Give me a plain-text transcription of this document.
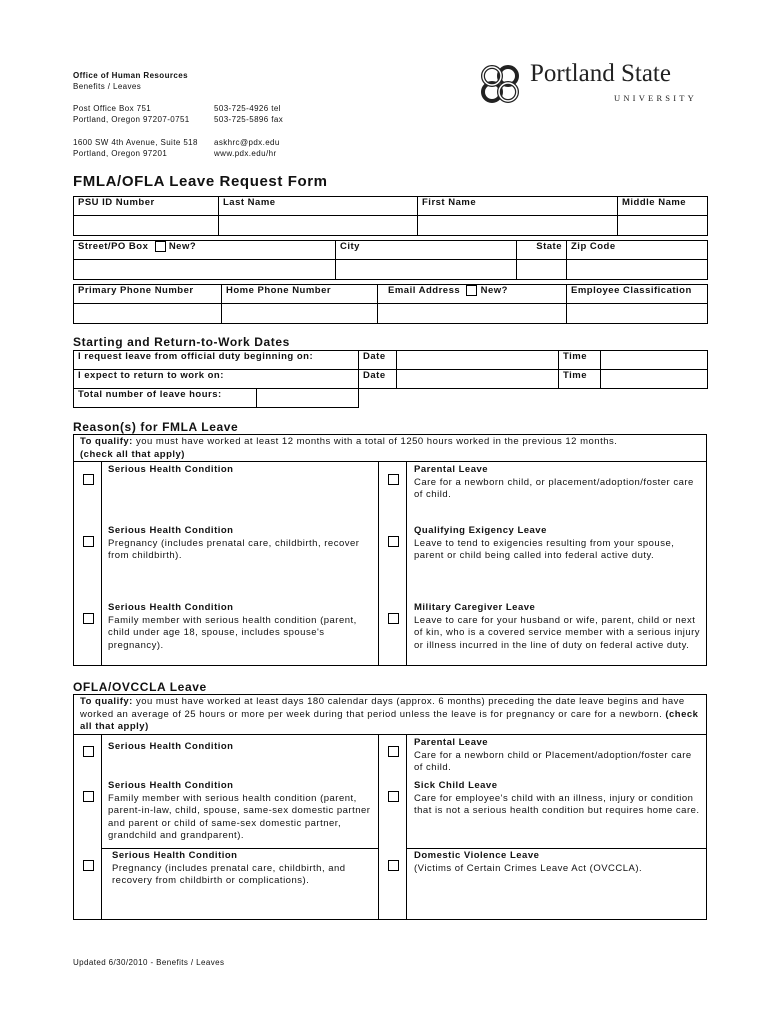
Office of Human Resources
Benefits / Leaves
Post Office Box 751
Portland, Oregon 97207-0751
503-725-4926 tel
503-725-5896 fax
1600 SW 4th Avenue, Suite 518
Portland, Oregon 97201
askhrc@pdx.edu
www.pdx.edu/hr
Portland State
UNIVERSITY
FMLA/OFLA Leave Request Form
PSU ID Number	Last Name	First Name	Middle Name

Street/PO Box New?	City	State	Zip Code

Primary Phone Number	Home Phone Number	Email Address New?	Employee Classification

Starting and Return-to-Work Dates
I request leave from official duty beginning on:		Date		Time	
I expect to return to work on:		Date		Time	
Total number of leave hours:					
Reason(s) for FMLA Leave
To qualify: you must have worked at least 12 months with a total of 1250 hours worked in the previous 12 months.
(check all that apply)
Serious Health Condition	Parental Leave
Care for a newborn child, or placement/adoption/foster care of child.
Serious Health Condition
Pregnancy (includes prenatal care, childbirth, recover from childbirth).
Qualifying Exigency Leave
Leave to tend to exigencies resulting from your spouse, parent or child being called into federal active duty.
Serious Health Condition
Family member with serious health condition (parent, child under age 18, spouse, includes spouse's pregnancy).
Military Caregiver Leave
Leave to care for your husband or wife, parent, child or next of kin, who is a covered service member with a serious injury or illness incurred in the line of duty on federal active duty.
OFLA/OVCCLA Leave
To qualify: you must have worked at least days 180 calendar days (approx. 6 months) preceding the date leave begins and have worked an average of 25 hours or more per week during that period unless the leave is for pregnancy or care for a newborn. (check all that apply)
Serious Health Condition	Parental Leave
Care for a newborn child or Placement/adoption/foster care of child.
Serious Health Condition
Family member with serious health condition (parent, parent-in-law, child, spouse, same-sex domestic partner and parent or child of same-sex domestic partner, grandchild and grandparent).
Sick Child Leave
Care for employee's child with an illness, injury or condition that is not a serious health condition but requires home care.
Serious Health Condition
Pregnancy (includes prenatal care, childbirth, and recovery from childbirth or complications).
Domestic Violence Leave
(Victims of Certain Crimes Leave Act (OVCCLA).
Updated 6/30/2010 - Benefits / Leaves
